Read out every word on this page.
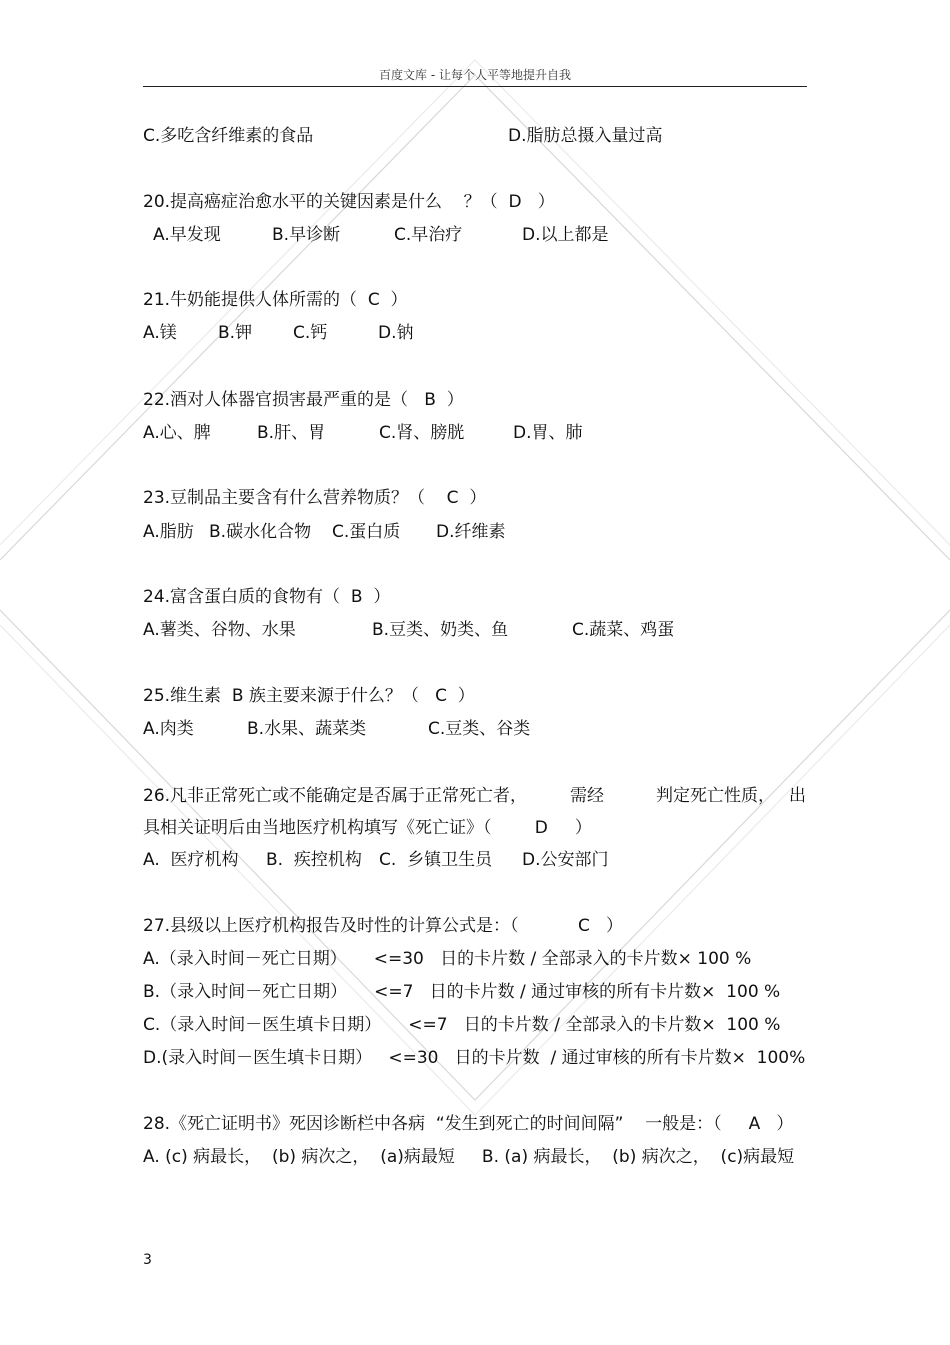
百度文库 - 让每个人平等地提升自我
C.多吃含纤维素的食品	D.脂肪总摄入量过高
20.提高癌症治愈水平的关键因素是什么    ？（  D   ）
A.早发现	B.早诊断	C.早治疗	D.以上都是
21.牛奶能提供人体所需的（  C  ）
A.镁 B.钾 C.钙	D.钠
22.酒对人体器官损害最严重的是（   B  ）
A.心、脾	B.肝、胃	C.肾、膀胱	D.胃、肺
23.豆制品主要含有什么营养物质？（    C  ）
A.脂肪 B.碳水化合物 C.蛋白质 D.纤维素
24.富含蛋白质的食物有（  B  ）
A.薯类、谷物、水果	B.豆类、奶类、鱼	C.蔬菜、鸡蛋
25.维生素  B 族主要来源于什么？（   C  ）
A.肉类	B.水果、蔬菜类	C.豆类、谷类
26.凡非正常死亡或不能确定是否属于正常死亡者，	需经	判定死亡性质， 出
具相关证明后由当地医疗机构填写《死亡证》（        D     ）
A.  医疗机构 B.  疾控机构 C.  乡镇卫生员 D.公安部门
27.县级以上医疗机构报告及时性的计算公式是：（           C   ）
A.（录入时间－死亡日期）     <=30   日的卡片数 / 全部录入的卡片数× 100 %
B.（录入时间－死亡日期）     <=7   日的卡片数 / 通过审核的所有卡片数×  100 %
C.（录入时间－医生填卡日期）     <=7   日的卡片数 / 全部录入的卡片数×  100 %
D.(录入时间－医生填卡日期）   <=30   日的卡片数  / 通过审核的所有卡片数×  100%
28.《死亡证明书》死因诊断栏中各病  “发生到死亡的时间间隔”    一般是：（     A   ）
A. (c) 病最长，  (b) 病次之，  (a)病最短     B. (a) 病最长，  (b) 病次之，  (c)病最短
3
